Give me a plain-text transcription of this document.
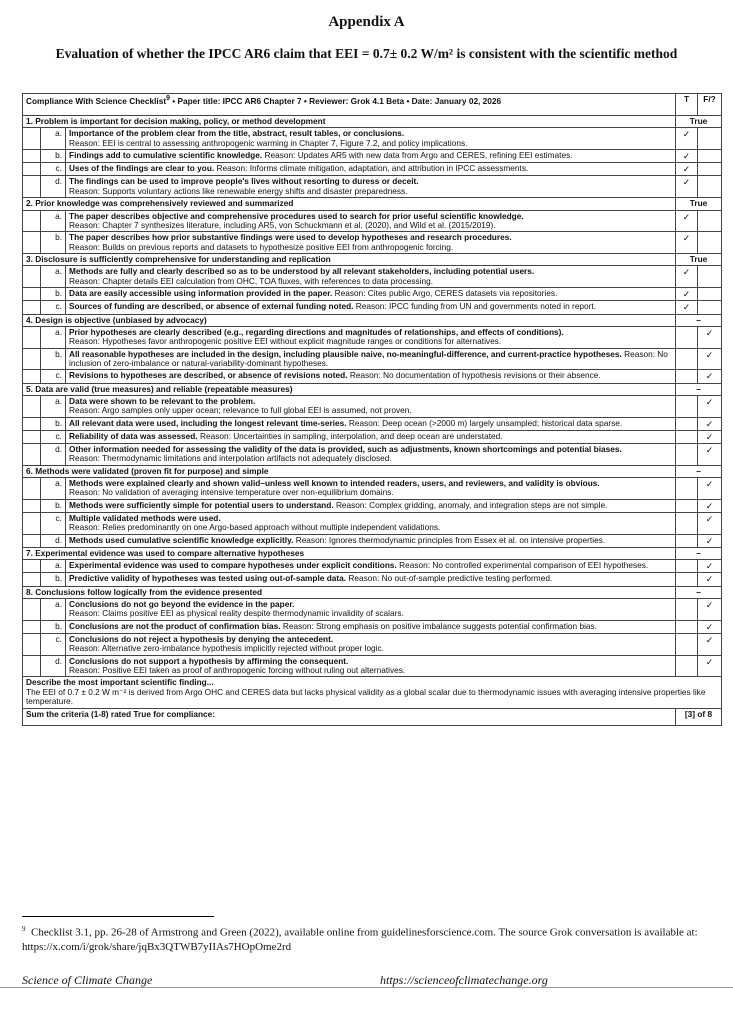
Appendix A
Evaluation of whether the IPCC AR6 claim that EEI = 0.7± 0.2 W/m² is consistent with the scientific method
Compliance With Science Checklist$^9$ • Paper title: IPCC AR6 Chapter 7 • Reviewer: Grok 4.1 Beta • Date: January 02, 2026			T	F/?
1. Problem is important for decision making, policy, or method development			True	
	a.	Importance of the problem clear from the title, abstract, result tables, or conclusions.
Reason: EEI is central to assessing anthropogenic warming in Chapter 7, Figure 7.2, and policy implications.	✓	
	b.	Findings add to cumulative scientific knowledge. Reason: Updates AR5 with new data from Argo and CERES, refining EEI estimates.	✓	
	c.	Uses of the findings are clear to you. Reason: Informs climate mitigation, adaptation, and attribution in IPCC assessments.	✓	
	d.	The findings can be used to improve people's lives without resorting to duress or deceit.
Reason: Supports voluntary actions like renewable energy shifts and disaster preparedness.	✓	
2. Prior knowledge was comprehensively reviewed and summarized			True	
	a.	The paper describes objective and comprehensive procedures used to search for prior useful scientific knowledge.
Reason: Chapter 7 synthesizes literature, including AR5, von Schuckmann et al. (2020), and Wild et al. (2015/2019).	✓	
	b.	The paper describes how prior substantive findings were used to develop hypotheses and research procedures.
Reason: Builds on previous reports and datasets to hypothesize positive EEI from anthropogenic forcing.	✓	
3. Disclosure is sufficiently comprehensive for understanding and replication			True	
	a.	Methods are fully and clearly described so as to be understood by all relevant stakeholders, including potential users.
Reason: Chapter details EEI calculation from OHC, TOA fluxes, with references to data processing.	✓	
	b.	Data are easily accessible using information provided in the paper. Reason: Cites public Argo, CERES datasets via repositories.	✓	
	c.	Sources of funding are described, or absence of external funding noted. Reason: IPCC funding from UN and governments noted in report.	✓	
4. Design is objective (unbiased by advocacy)			–	
	a.	Prior hypotheses are clearly described (e.g., regarding directions and magnitudes of relationships, and effects of conditions).
Reason: Hypotheses favor anthropogenic positive EEI without explicit magnitude ranges or conditions for alternatives.		✓
	b.	All reasonable hypotheses are included in the design, including plausible naive, no-meaningful-difference, and current-practice hypotheses. Reason: No inclusion of zero-imbalance or natural-variability-dominant hypotheses.		✓
	c.	Revisions to hypotheses are described, or absence of revisions noted. Reason: No documentation of hypothesis revisions or their absence.		✓
5. Data are valid (true measures) and reliable (repeatable measures)			–	
	a.	Data were shown to be relevant to the problem.
Reason: Argo samples only upper ocean; relevance to full global EEI is assumed, not proven.		✓
	b.	All relevant data were used, including the longest relevant time-series. Reason: Deep ocean (>2000 m) largely unsampled; historical data sparse.		✓
	c.	Reliability of data was assessed. Reason: Uncertainties in sampling, interpolation, and deep ocean are understated.		✓
	d.	Other information needed for assessing the validity of the data is provided, such as adjustments, known shortcomings and potential biases.
Reason: Thermodynamic limitations and interpolation artifacts not adequately disclosed.		✓
6. Methods were validated (proven fit for purpose) and simple			–	
	a.	Methods were explained clearly and shown valid–unless well known to intended readers, users, and reviewers, and validity is obvious.
Reason: No validation of averaging intensive temperature over non-equilibrium domains.		✓
	b.	Methods were sufficiently simple for potential users to understand. Reason: Complex gridding, anomaly, and integration steps are not simple.		✓
	c.	Multiple validated methods were used.
Reason: Relies predominantly on one Argo-based approach without multiple independent validations.		✓
	d.	Methods used cumulative scientific knowledge explicitly. Reason: Ignores thermodynamic principles from Essex et al. on intensive properties.		✓
7. Experimental evidence was used to compare alternative hypotheses			–	
	a.	Experimental evidence was used to compare hypotheses under explicit conditions. Reason: No controlled experimental comparison of EEI hypotheses.		✓
	b.	Predictive validity of hypotheses was tested using out-of-sample data. Reason: No out-of-sample predictive testing performed.		✓
8. Conclusions follow logically from the evidence presented			–	
	a.	Conclusions do not go beyond the evidence in the paper.
Reason: Claims positive EEI as physical reality despite thermodynamic invalidity of scalars.		✓
	b.	Conclusions are not the product of confirmation bias. Reason: Strong emphasis on positive imbalance suggests potential confirmation bias.		✓
	c.	Conclusions do not reject a hypothesis by denying the antecedent.
Reason: Alternative zero-imbalance hypothesis implicitly rejected without proper logic.		✓
	d.	Conclusions do not support a hypothesis by affirming the consequent.
Reason: Positive EEI taken as proof of anthropogenic forcing without ruling out alternatives.		✓

Describe the most important scientific finding...
The EEI of 0.7 ± 0.2 W m⁻² is derived from Argo OHC and CERES data but lacks physical validity as a global scalar due to thermodynamic issues with averaging intensive properties like temperature.				
Sum the criteria (1-8) rated True for compliance:			[3] of 8	
$^9$ Checklist 3.1, pp. 26-28 of Armstrong and Green (2022), available online from guidelinesforscience.com. The source Grok conversation is available at: https://x.com/i/grok/share/jqBx3QTWB7yIIAs7HOpOme2rd
Science of Climate Change	https://scienceofclimatechange.org
